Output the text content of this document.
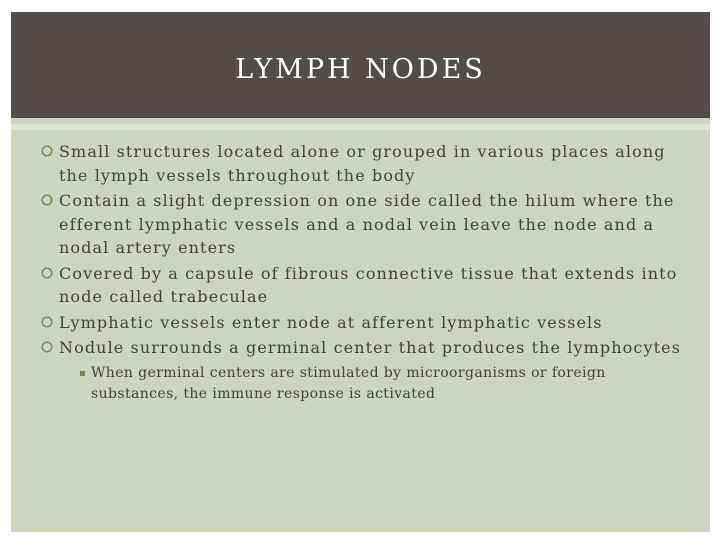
LYMPH NODES
Small structures located alone or grouped in various places along the lymph vessels throughout the body
Contain a slight depression on one side called the hilum where the efferent lymphatic vessels and a nodal vein leave the node and a nodal artery enters
Covered by a capsule of fibrous connective tissue that extends into node called trabeculae
Lymphatic vessels enter node at afferent lymphatic vessels
Nodule surrounds a germinal center that produces the lymphocytes
When germinal centers are stimulated by microorganisms or foreign substances, the immune response is activated
